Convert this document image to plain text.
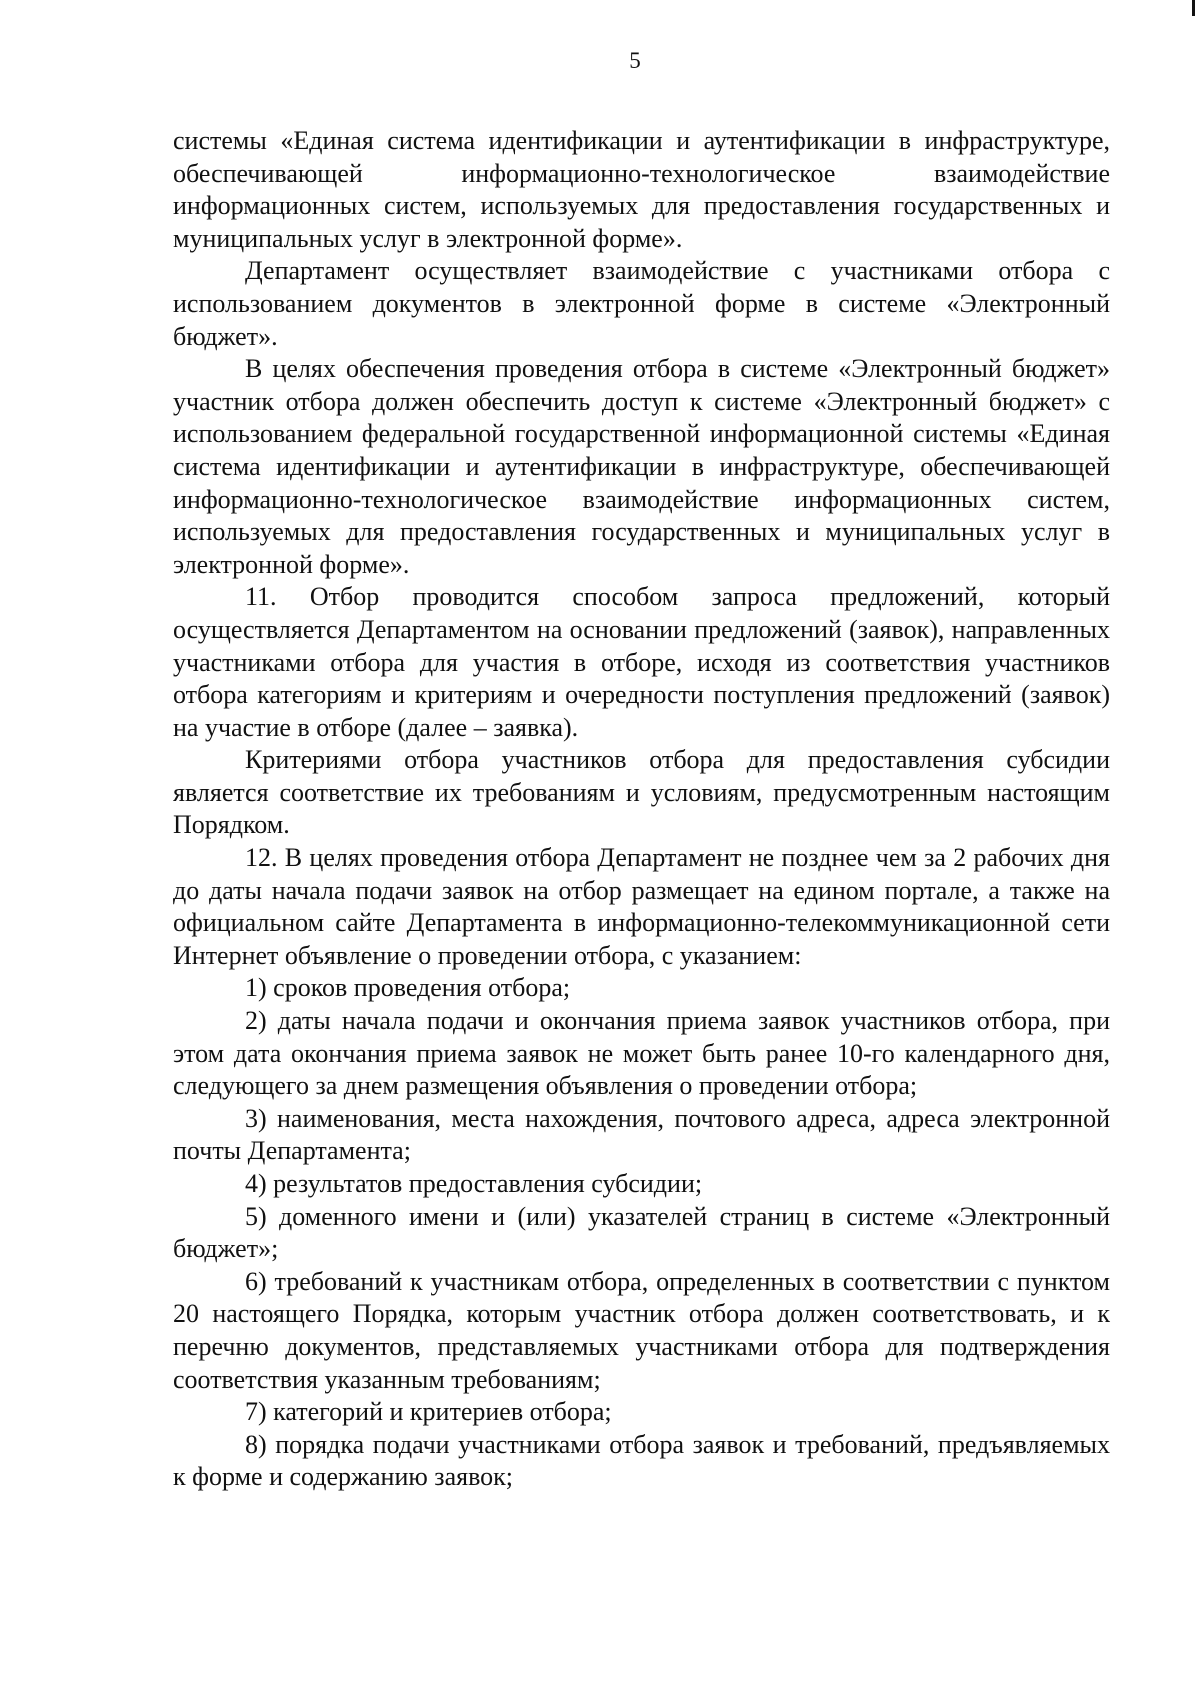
5

системы «Единая система идентификации и аутентификации в инфраструктуре, обеспечивающей информационно-технологическое взаимодействие информационных систем, используемых для предоставления государственных и муниципальных услуг в электронной форме».

Департамент осуществляет взаимодействие с участниками отбора с использованием документов в электронной форме в системе «Электронный бюджет».

В целях обеспечения проведения отбора в системе «Электронный бюджет» участник отбора должен обеспечить доступ к системе «Электронный бюджет» с использованием федеральной государственной информационной системы «Единая система идентификации и аутентификации в инфраструктуре, обеспечивающей информационно-технологическое взаимодействие информационных систем, используемых для предоставления государственных и муниципальных услуг в электронной форме».

11. Отбор проводится способом запроса предложений, который осуществляется Департаментом на основании предложений (заявок), направленных участниками отбора для участия в отборе, исходя из соответствия участников отбора категориям и критериям и очередности поступления предложений (заявок) на участие в отборе (далее – заявка).

Критериями отбора участников отбора для предоставления субсидии является соответствие их требованиям и условиям, предусмотренным настоящим Порядком.

12. В целях проведения отбора Департамент не позднее чем за 2 рабочих дня до даты начала подачи заявок на отбор размещает на едином портале, а также на официальном сайте Департамента в информационно-телекоммуникационной сети Интернет объявление о проведении отбора, с указанием:

1) сроков проведения отбора;

2) даты начала подачи и окончания приема заявок участников отбора, при этом дата окончания приема заявок не может быть ранее 10-го календарного дня, следующего за днем размещения объявления о проведении отбора;

3) наименования, места нахождения, почтового адреса, адреса электронной почты Департамента;

4) результатов предоставления субсидии;

5) доменного имени и (или) указателей страниц в системе «Электронный бюджет»;

6) требований к участникам отбора, определенных в соответствии с пунктом 20 настоящего Порядка, которым участник отбора должен соответствовать, и к перечню документов, представляемых участниками отбора для подтверждения соответствия указанным требованиям;

7) категорий и критериев отбора;

8) порядка подачи участниками отбора заявок и требований, предъявляемых к форме и содержанию заявок;
